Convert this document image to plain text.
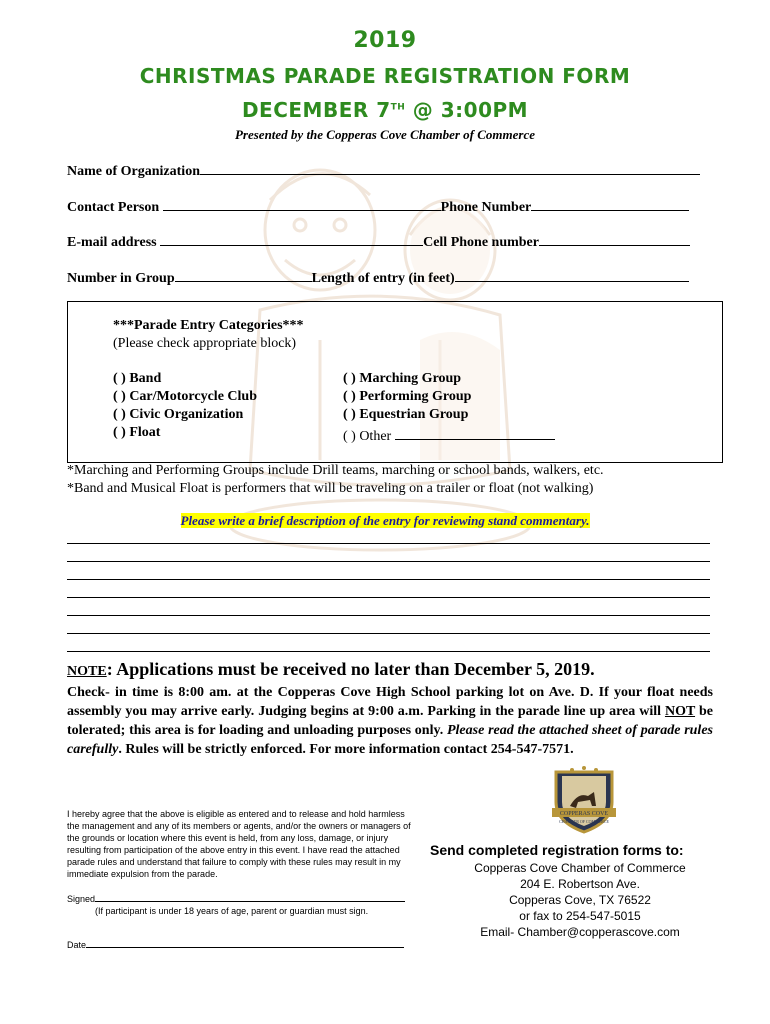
2019
CHRISTMAS PARADE REGISTRATION FORM
DECEMBER 7TH @ 3:00PM
Presented by the Copperas Cove Chamber of Commerce
Name of Organization
Contact Person	Phone Number
E-mail address	Cell Phone number
Number in Group	Length of entry (in feet)
***Parade Entry Categories***
(Please check appropriate block)
( ) Band
( ) Car/Motorcycle Club
( ) Civic Organization
( ) Float
( ) Marching Group
( ) Performing Group
( ) Equestrian Group
( ) Other
*Marching and Performing Groups include Drill teams, marching or school bands, walkers, etc.
*Band and Musical Float is performers that will be traveling on a trailer or float (not walking)
Please write a brief description of the entry for reviewing stand commentary.
NOTE: Applications must be received no later than December 5, 2019.
Check- in time is 8:00 am. at the Copperas Cove High School parking lot on Ave. D. If your float needs assembly you may arrive early. Judging begins at 9:00 a.m. Parking in the parade line up area will NOT be tolerated; this area is for loading and unloading purposes only. Please read the attached sheet of parade rules carefully. Rules will be strictly enforced. For more information contact 254-547-7571.
COPPERAS COVE
CHAMBER OF COMMERCE
I hereby agree that the above is eligible as entered and to release and hold harmless the management and any of its members or agents, and/or the owners or managers of the grounds or location where this event is held, from any loss, damage, or injury resulting from participation of the above entry in this event. I have read the attached parade rules and understand that failure to comply with these rules may result in my immediate expulsion from the parade.
Signed
(If participant is under 18 years of age, parent or guardian must sign.
Date
Send completed registration forms to:
Copperas Cove Chamber of Commerce
204 E. Robertson Ave.
Copperas Cove, TX 76522
or fax to 254-547-5015
Email- Chamber@copperascove.com
